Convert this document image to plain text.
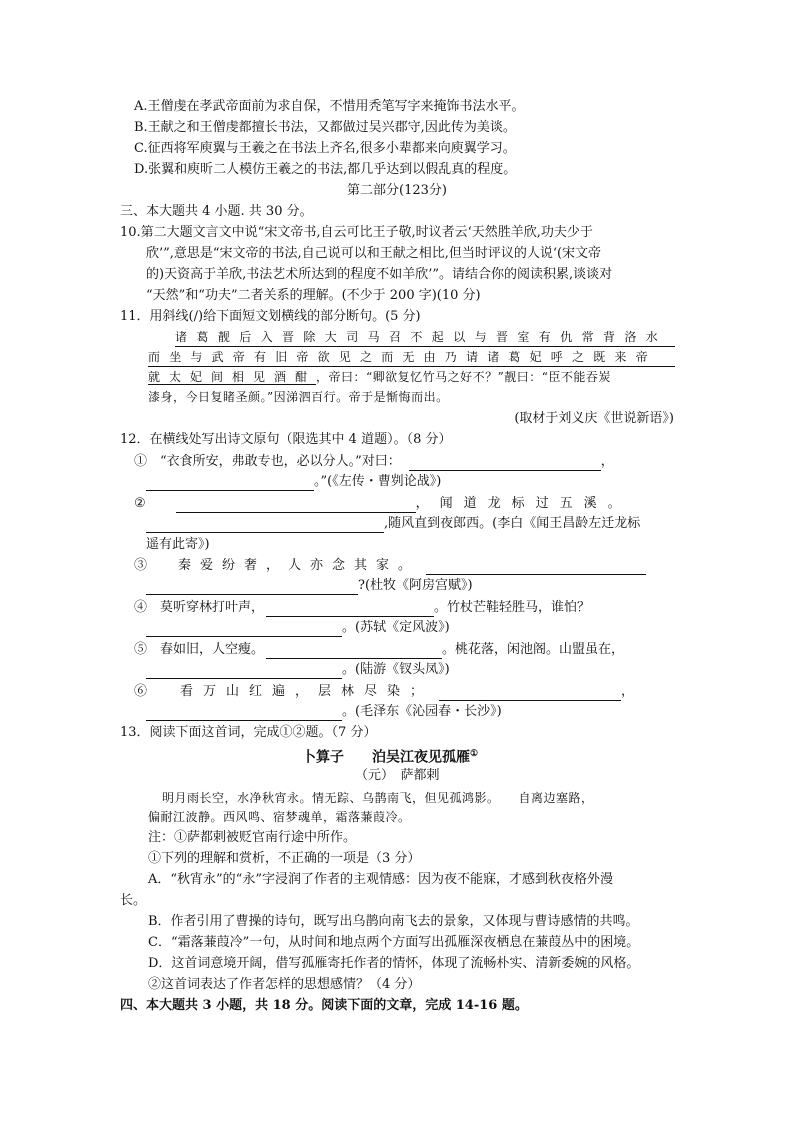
A.王僧虔在孝武帝面前为求自保，不惜用秃笔写字来掩饰书法水平。
B.王献之和王僧虔都擅长书法，又都做过吴兴郡守,因此传为美谈。
C.征西将军庾翼与王羲之在书法上齐名,很多小辈都来向庾翼学习。
D.张翼和庾昕二人模仿王羲之的书法,都几乎达到以假乱真的程度。
第二部分(123分)
三、本大题共 4 小题. 共 30 分。
10.第二大题文言文中说“宋文帝书,自云可比王子敬,时议者云‘天然胜羊欣,功夫少于
欣’”,意思是“宋文帝的书法,自己说可以和王献之相比,但当时评议的人说‘(宋文帝
的)天资高于羊欣,书法艺术所达到的程度不如羊欣’”。请结合你的阅读积累,谈谈对
“天然”和“功夫”二者关系的理解。(不少于 200 字)(10 分)
11．用斜线(/)给下面短文划横线的部分断句。(5 分)
诸葛靓后入晋除大司马召不起以与晋室有仇常背洛水
而坐与武帝有旧帝欲见之而无由乃请诸葛妃呼之既来帝
就太妃间相见酒酣，帝曰：“卿欲复忆竹马之好不？”靓曰：“臣不能吞炭
漆身，今日复睹圣颜。”因涕泗百行。帝于是惭悔而出。
(取材于刘义庆《世说新语》)
12．在横线处写出诗文原句（限选其中 4 道题）。（8 分）
①　“衣食所安，弗敢专也，必以分人。”对曰：	，
。”(《左传・曹刿论战》)
②	，闻道龙标过五溪。
,随风直到夜郎西。(李白《闻王昌龄左迁龙标
遥有此寄》)
③　秦爱纷奢，人亦念其家。
?(杜牧《阿房宫赋》)
④　莫听穿林打叶声，	。竹杖芒鞋轻胜马，谁怕？
。(苏轼《定风波》)
⑤　春如旧，人空瘦。	。桃花落，闲池阁。山盟虽在，
。(陆游《钗头凤》)
⑥　看万山红遍，层林尽染；	，
。(毛泽东《沁园春・长沙》)
13．阅读下面这首词，完成①②题。（7 分）
卜算子　　泊吴江夜见孤雁①
（元）　萨都剌
明月雨长空，水净秋宵永。情无踪、乌鹊南飞，但见孤鸿影。　　自离边塞路，
偏耐江波静。西风鸣、宿梦魂单，霜落蒹葭冷。
注：①萨都剌被贬官南行途中所作。
①下列的理解和赏析，不正确的一项是（3 分）
A．“秋宵永”的“永”字浸润了作者的主观情感：因为夜不能寐，才感到秋夜格外漫
长。
B．作者引用了曹操的诗句，既写出乌鹊向南飞去的景象，又体现与曹诗感情的共鸣。
C．“霜落蒹葭冷”一句，从时间和地点两个方面写出孤雁深夜栖息在蒹葭丛中的困境。
D．这首词意境开阔，借写孤雁寄托作者的情怀，体现了流畅朴实、清新委婉的风格。
②这首词表达了作者怎样的思想感情？（4 分）
四、本大题共 3 小题，共 18 分。阅读下面的文章，完成 14-16 题。
